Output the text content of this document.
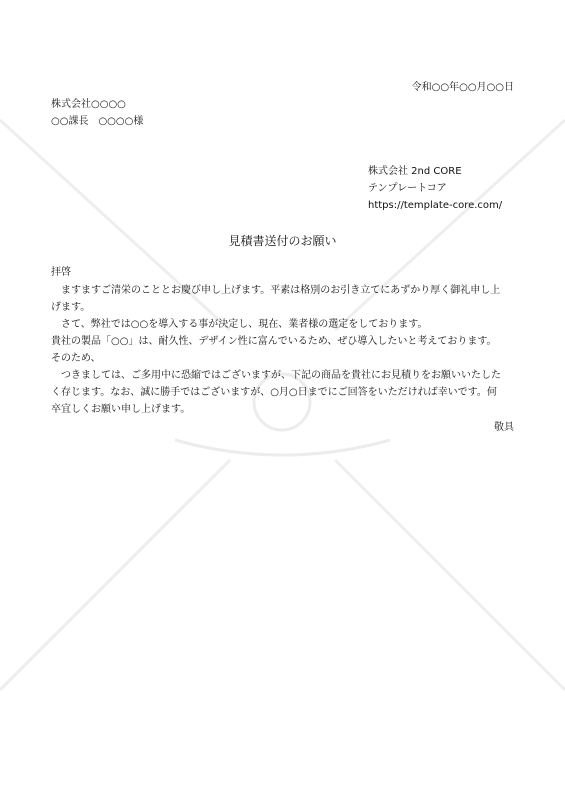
令和○○年○○月○○日
株式会社○○○○
○○課長　○○○○様
株式会社 2nd CORE
テンプレートコア
https://template-core.com/
見積書送付のお願い
拝啓
　ますますご清栄のこととお慶び申し上げます。平素は格別のお引き立てにあずかり厚く御礼申し上
げます。
　さて、弊社では○○を導入する事が決定し、現在、業者様の選定をしております。
貴社の製品「○○」は、耐久性、デザイン性に富んでいるため、ぜひ導入したいと考えております。
そのため、
　つきましては、ご多用中に恐縮ではございますが、下記の商品を貴社にお見積りをお願いいたした
く存じます。なお、誠に勝手ではございますが、○月○日までにご回答をいただければ幸いです。何
卒宜しくお願い申し上げます。
敬具
